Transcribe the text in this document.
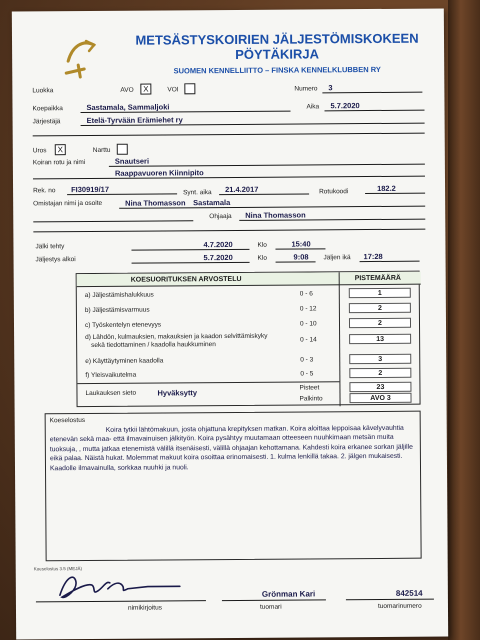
METSÄSTYSKOIRIEN JÄLJESTÖMISKOKEEN
PÖYTÄKIRJA
SUOMEN KENNELLIITTO – FINSKA KENNELKLUBBEN RY
Luokka	AVO	X	VOI	Numero 3
Koepaikka	Sastamala, Sammaljoki	Aika 5.7.2020
Järjestäjä	Etelä-Tyrvään Erämiehet ry
Uros	X	Narttu
Koiran rotu ja nimi	Snautseri
Raappavuoren Kiinnipito
Rek. no FI30919/17	Synt. aika 21.4.2017	Rotukoodi	182.2
Omistajan nimi ja osoite	Nina Thomasson Sastamala
Ohjaaja Nina Thomasson
Jälki tehty	4.7.2020	Klo	15:40
Jäljestys alkoi	5.7.2020	Klo	9:08 Jäljen ikä 17:28
KOESUORITUKSEN ARVOSTELU	PISTEMÄÄRÄ
a) Jäljestämishalukkuus	0 - 6	1
b) Jäljestämisvarmuus	0 - 12	2
c) Työskentelyn etenevyys	0 - 10	2
d) Lähdön, kulmauksien, makauksien ja kaadon selvittämiskyky
sekä tiedottaminen / kaadolla haukkuminen
0 - 14	13
e) Käyttäytyminen kaadolla	0 - 3	3
f) Yleisvaikutelma	0 - 5	2
Laukauksen sieto	Hyväksytty
Pisteet	23
Palkinto	AVO 3
Koeselostus
Koira tytkii lähtömakuun, josta ohjattuna krepityksen matkan. Koira aloittaa leppoisaa kävelyvauhtia etenevän sekä maa- että ilmavainuisen jälkityön. Koira pysähtyy muutamaan otteeseen nuuhkimaan metsän muita tuoksuja, , mutta jatkaa etenemistä välillä itsenäisesti, välillä ohjaajan kehottamana. Kahdesti koira erkanee sorkan jäljille eikä palaa. Näistä hukat. Molemmat makuut koira osoittaa erinomaisesti. 1. kulma lenkillä takaa. 2. jälgen mukaisesti. Kaadolle ilmavainulla, sorkkaa nuuhki ja nuoli.
Koeselostus 3.5 (MEJÄ)
nimikirjoitus
Grönman Kari
tuomari
842514
tuomarinumero
